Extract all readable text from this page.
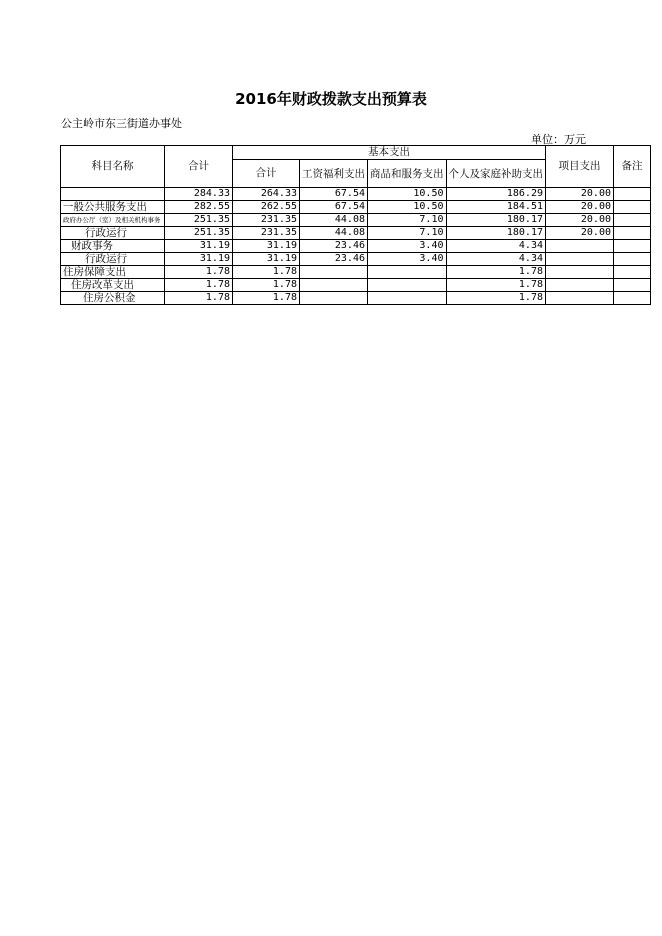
2016年财政拨款支出预算表
公主岭市东三街道办事处
单位：万元
科目名称	合计	基本支出				项目支出	备注
		合计	工资福利支出	商品和服务支出	个人及家庭补助支出		

	284.33	264.33	67.54	10.50	186.29	20.00	
一般公共服务支出	282.55	262.55	67.54	10.50	184.51	20.00	
政府办公厅（室）及相关机构事务	251.35	231.35	44.08	7.10	180.17	20.00	
行政运行	251.35	231.35	44.08	7.10	180.17	20.00	
财政事务	31.19	31.19	23.46	3.40	4.34		
行政运行	31.19	31.19	23.46	3.40	4.34		
住房保障支出	1.78	1.78			1.78		
住房改革支出	1.78	1.78			1.78		
住房公积金	1.78	1.78			1.78		
